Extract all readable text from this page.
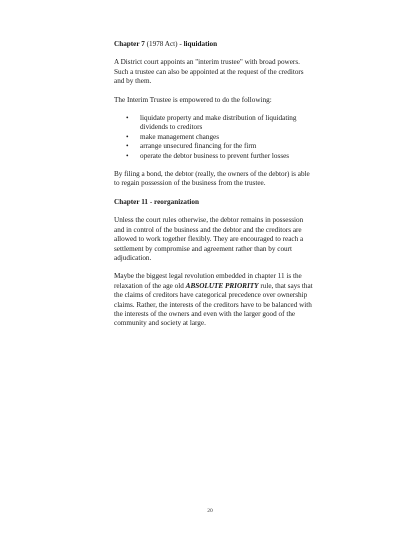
Chapter 7 (1978 Act) - liquidation

A District court appoints an "interim trustee" with broad powers. Such a trustee can also be appointed at the request of the creditors and by them.

The Interim Trustee is empowered to do the following:

• liquidate property and make distribution of liquidating dividends to creditors
• make management changes
• arrange unsecured financing for the firm
• operate the debtor business to prevent further losses

By filing a bond, the debtor (really, the owners of the debtor) is able to regain possession of the business from the trustee.

Chapter 11 - reorganization

Unless the court rules otherwise, the debtor remains in possession and in control of the business and the debtor and the creditors are allowed to work together flexibly. They are encouraged to reach a settlement by compromise and agreement rather than by court adjudication.

Maybe the biggest legal revolution embedded in chapter 11 is the relaxation of the age old ABSOLUTE PRIORITY rule, that says that the claims of creditors have categorical precedence over ownership claims. Rather, the interests of the creditors have to be balanced with the interests of the owners and even with the larger good of the community and society at large.

20
